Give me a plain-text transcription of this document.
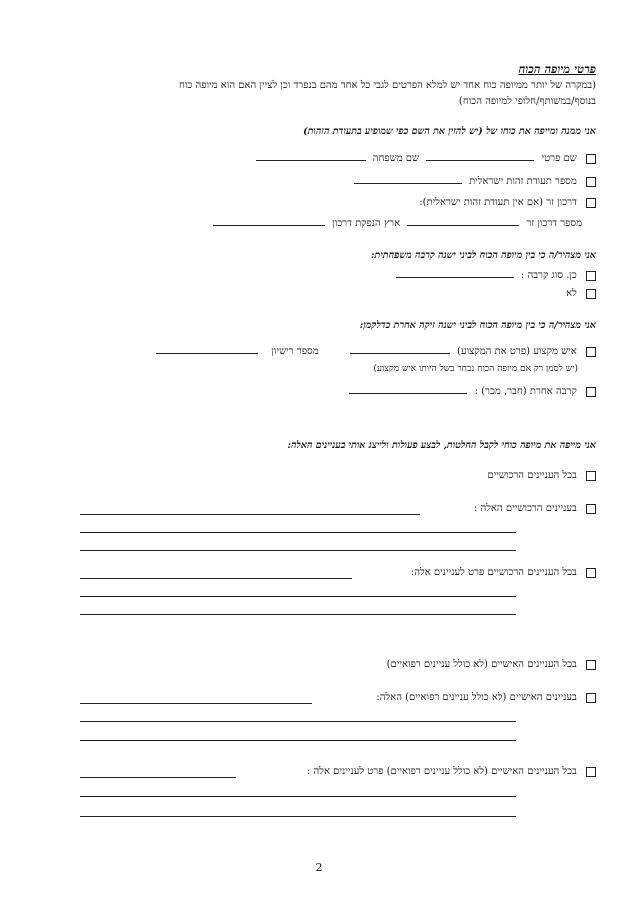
פרטי מיופה הכוח
(במקרה של יותר ממיופה כוח אחד יש למלא הפרטים לגבי כל אחד מהם בנפרד וכן לציין האם הוא מיופה כוח
בנוסף/במשותף/חלופי למיופה הכוח)
אני ממנה ומייפה את כוחו של (יש להזין את השם כפי שמופיע בתעודת הזהות)
שם פרטי  שם משפחה
מספר תעודת זהות ישראלית
דרכון זר (אם אין תעודת זהות ישראלית):
מספר דרכון זר  ארץ הנפקת דרכון
אני מצהיר/ה כי בין מיופה הכוח לביני ישנה קרבה משפחתית:
כן. סוג קרבה :
לא
אני מצהיר/ה כי בין מיופה הכוח לביני ישנה זיקה אחרת כדלקמן:
איש מקצוע (פרט את המקצוע)  מספר רישיון
(יש לסמן רק אם מיופה הכוח נבחר בשל היותו איש מקצוע)
קרבה אחרת (חבר, מכר) :
אני מייפה את מיופה כוחי לקבל החלטות, לבצע פעולות ולייצג אותי בעניינים האלה:
בכל העניינים הרכושיים
בעניינים הרכושיים האלה :
בכל העניינים הרכושיים פרט לעניינים אלה:
בכל העניינים האישיים (לא כולל עניינים רפואיים)
בעניינים האישיים (לא כולל עניינים רפואיים) האלה:
בכל העניינים האישיים (לא כולל עניינים רפואיים) פרט לעניינים אלה :
2
